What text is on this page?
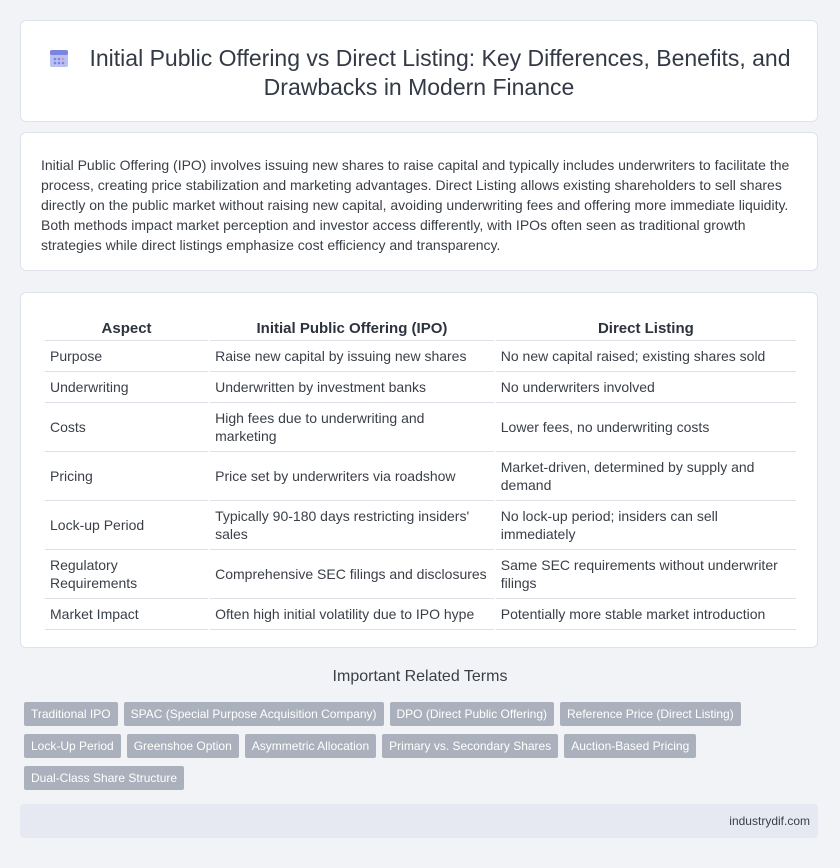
Initial Public Offering vs Direct Listing: Key Differences, Benefits, and Drawbacks in Modern Finance

Initial Public Offering (IPO) involves issuing new shares to raise capital and typically includes underwriters to facilitate the process, creating price stabilization and marketing advantages. Direct Listing allows existing shareholders to sell shares directly on the public market without raising new capital, avoiding underwriting fees and offering more immediate liquidity. Both methods impact market perception and investor access differently, with IPOs often seen as traditional growth strategies while direct listings emphasize cost efficiency and transparency.

Aspect	Initial Public Offering (IPO)	Direct Listing
Purpose	Raise new capital by issuing new shares	No new capital raised; existing shares sold
Underwriting	Underwritten by investment banks	No underwriters involved
Costs	High fees due to underwriting and marketing	Lower fees, no underwriting costs
Pricing	Price set by underwriters via roadshow	Market-driven, determined by supply and demand
Lock-up Period	Typically 90-180 days restricting insiders' sales	No lock-up period; insiders can sell immediately
Regulatory Requirements	Comprehensive SEC filings and disclosures	Same SEC requirements without underwriter filings
Market Impact	Often high initial volatility due to IPO hype	Potentially more stable market introduction
Important Related Terms
Traditional IPO SPAC (Special Purpose Acquisition Company) DPO (Direct Public Offering) Reference Price (Direct Listing)
Lock-Up Period Greenshoe Option Asymmetric Allocation Primary vs. Secondary Shares Auction-Based Pricing
Dual-Class Share Structure
industrydif.com
